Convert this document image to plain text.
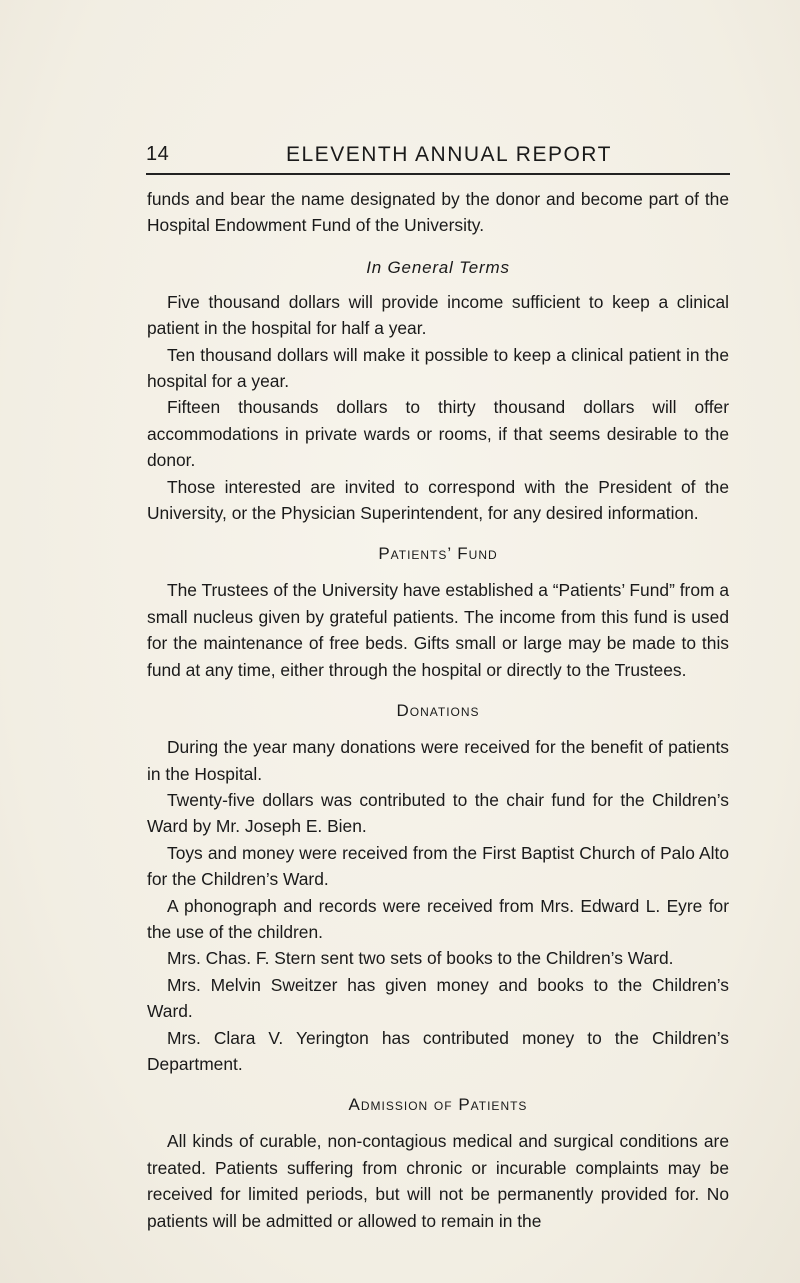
14	ELEVENTH ANNUAL REPORT

funds and bear the name designated by the donor and become part of the Hospital Endowment Fund of the University.

In General Terms

Five thousand dollars will provide income sufficient to keep a clinical patient in the hospital for half a year.

Ten thousand dollars will make it possible to keep a clinical patient in the hospital for a year.

Fifteen thousands dollars to thirty thousand dollars will offer accommodations in private wards or rooms, if that seems desirable to the donor.

Those interested are invited to correspond with the President of the University, or the Physician Superintendent, for any desired information.

Patients’ Fund

The Trustees of the University have established a “Patients’ Fund” from a small nucleus given by grateful patients. The income from this fund is used for the maintenance of free beds. Gifts small or large may be made to this fund at any time, either through the hospital or directly to the Trustees.

Donations

During the year many donations were received for the benefit of patients in the Hospital.

Twenty-five dollars was contributed to the chair fund for the Children’s Ward by Mr. Joseph E. Bien.

Toys and money were received from the First Baptist Church of Palo Alto for the Children’s Ward.

A phonograph and records were received from Mrs. Edward L. Eyre for the use of the children.

Mrs. Chas. F. Stern sent two sets of books to the Children’s Ward.

Mrs. Melvin Sweitzer has given money and books to the Children’s Ward.

Mrs. Clara V. Yerington has contributed money to the Children’s Department.

Admission of Patients

All kinds of curable, non-contagious medical and surgical conditions are treated. Patients suffering from chronic or incurable complaints may be received for limited periods, but will not be permanently provided for. No patients will be admitted or allowed to remain in the
